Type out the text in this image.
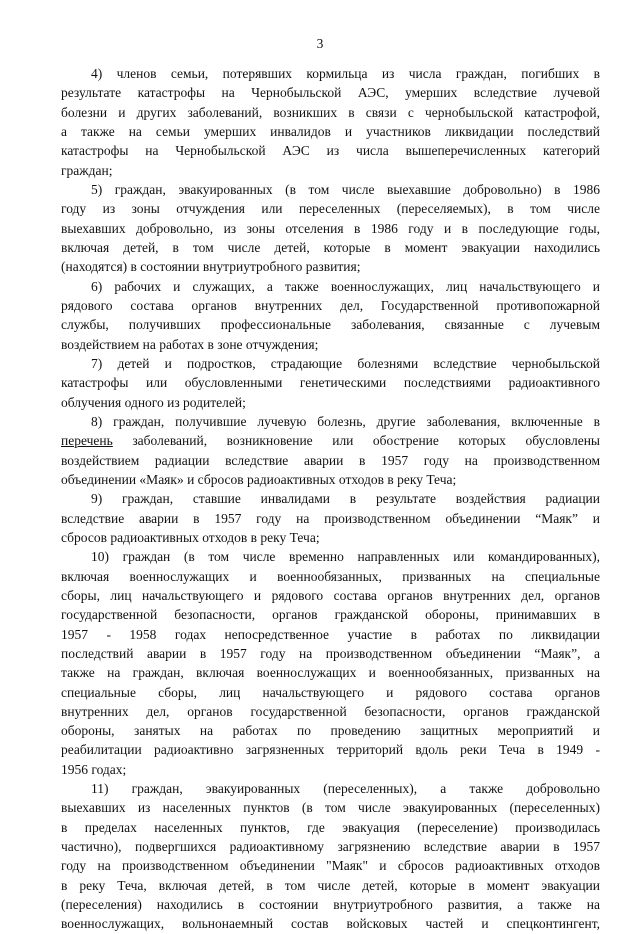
3
4) членов семьи, потерявших кормильца из числа граждан, погибших в
результате катастрофы на Чернобыльской АЭС, умерших вследствие лучевой
болезни и других заболеваний, возникших в связи с чернобыльской катастрофой,
а также на семьи умерших инвалидов и участников ликвидации последствий
катастрофы на Чернобыльской АЭС из числа вышеперечисленных категорий
граждан;
5) граждан, эвакуированных (в том числе выехавшие добровольно) в 1986
году из зоны отчуждения или переселенных (переселяемых), в том числе
выехавших добровольно, из зоны отселения в 1986 году и в последующие годы,
включая детей, в том числе детей, которые в момент эвакуации находились
(находятся) в состоянии внутриутробного развития;
6) рабочих и служащих, а также военнослужащих, лиц начальствующего и
рядового состава органов внутренних дел, Государственной противопожарной
службы, получивших профессиональные заболевания, связанные с лучевым
воздействием на работах в зоне отчуждения;
7) детей и подростков, страдающие болезнями вследствие чернобыльской
катастрофы или обусловленными генетическими последствиями радиоактивного
облучения одного из родителей;
8) граждан, получившие лучевую болезнь, другие заболевания, включенные в
перечень заболеваний, возникновение или обострение которых обусловлены
воздействием радиации вследствие аварии в 1957 году на производственном
объединении «Маяк» и сбросов радиоактивных отходов в реку Теча;
9) граждан, ставшие инвалидами в результате воздействия радиации
вследствие аварии в 1957 году на производственном объединении “Маяк” и
сбросов радиоактивных отходов в реку Теча;
10) граждан (в том числе временно направленных или командированных),
включая военнослужащих и военнообязанных, призванных на специальные
сборы, лиц начальствующего и рядового состава органов внутренних дел, органов
государственной безопасности, органов гражданской обороны, принимавших в
1957 - 1958 годах непосредственное участие в работах по ликвидации
последствий аварии в 1957 году на производственном объединении “Маяк”, а
также на граждан, включая военнослужащих и военнообязанных, призванных на
специальные сборы, лиц начальствующего и рядового состава органов
внутренних дел, органов государственной безопасности, органов гражданской
обороны, занятых на работах по проведению защитных мероприятий и
реабилитации радиоактивно загрязненных территорий вдоль реки Теча в 1949 -
1956 годах;
11) граждан, эвакуированных (переселенных), а также добровольно
выехавших из населенных пунктов (в том числе эвакуированных (переселенных)
в пределах населенных пунктов, где эвакуация (переселение) производилась
частично), подвергшихся радиоактивному загрязнению вследствие аварии в 1957
году на производственном объединении "Маяк" и сбросов радиоактивных отходов
в реку Теча, включая детей, в том числе детей, которые в момент эвакуации
(переселения) находились в состоянии внутриутробного развития, а также на
военнослужащих, вольнонаемный состав войсковых частей и спецконтингент,
